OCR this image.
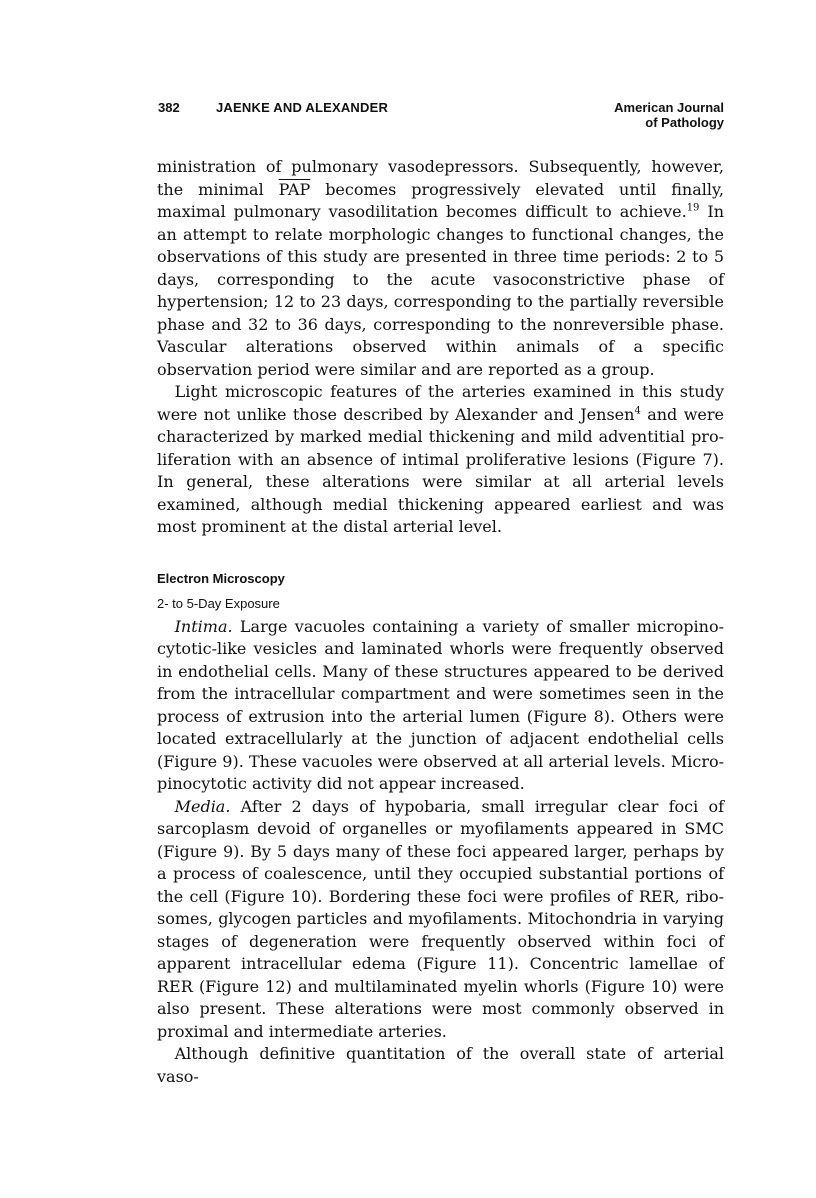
382	JAENKE AND ALEXANDER	American Journal
of Pathology

ministration of pulmonary vasodepressors. Subsequently, however, the minimal $\overline{PAP}$ becomes progressively elevated until finally, maximal pulmonary vasodilitation becomes difficult to achieve.$^{19}$ In an attempt to relate morphologic changes to functional changes, the observations of this study are presented in three time periods: 2 to 5 days, corresponding to the acute vasoconstrictive phase of hypertension; 12 to 23 days, corresponding to the partially reversible phase and 32 to 36 days, corresponding to the nonreversible phase. Vascular alterations observed within animals of a specific observation period were similar and are reported as a group.

Light microscopic features of the arteries examined in this study were not unlike those described by Alexander and Jensen$^4$ and were characterized by marked medial thickening and mild adventitial proliferation with an absence of intimal proliferative lesions (Figure 7). In general, these alterations were similar at all arterial levels examined, although medial thickening appeared earliest and was most prominent at the distal arterial level.

Electron Microscopy
2- to 5-Day Exposure

Intima. Large vacuoles containing a variety of smaller micropinocytotic-like vesicles and laminated whorls were frequently observed in endothelial cells. Many of these structures appeared to be derived from the intracellular compartment and were sometimes seen in the process of extrusion into the arterial lumen (Figure 8). Others were located extracellularly at the junction of adjacent endothelial cells (Figure 9). These vacuoles were observed at all arterial levels. Micropinocytotic activity did not appear increased.

Media. After 2 days of hypobaria, small irregular clear foci of sarcoplasm devoid of organelles or myofilaments appeared in SMC (Figure 9). By 5 days many of these foci appeared larger, perhaps by a process of coalescence, until they occupied substantial portions of the cell (Figure 10). Bordering these foci were profiles of RER, ribosomes, glycogen particles and myofilaments. Mitochondria in varying stages of degeneration were frequently observed within foci of apparent intracellular edema (Figure 11). Concentric lamellae of RER (Figure 12) and multilaminated myelin whorls (Figure 10) were also present. These alterations were most commonly observed in proximal and intermediate arteries.

Although definitive quantitation of the overall state of arterial vaso-
